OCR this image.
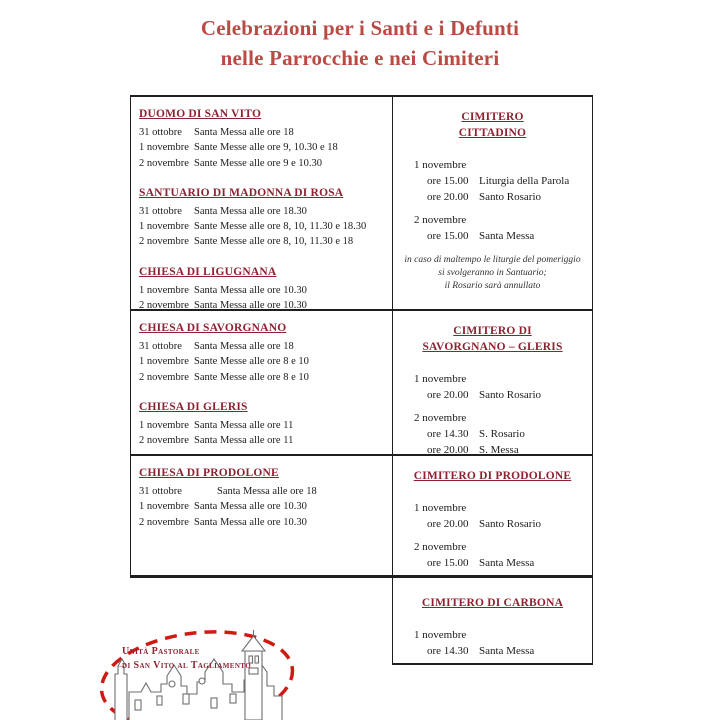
Celebrazioni per i Santi e i Defunti
nelle Parrocchie e nei Cimiteri
DUOMO DI SAN VITO
31 ottobre	Santa Messa alle ore 18
1 novembre Sante Messe alle ore 9, 10.30 e 18
2 novembre Sante Messe alle ore 9 e 10.30
SANTUARIO DI MADONNA DI ROSA
31 ottobre	Santa Messa alle ore 18.30
1 novembre Sante Messe alle ore 8, 10, 11.30 e 18.30
2 novembre Sante Messe alle ore 8, 10, 11.30 e 18
CHIESA DI LIGUGNANA
1 novembre Santa Messa alle ore 10.30
2 novembre Santa Messa alle ore 10.30
CHIESA DI SAVORGNANO
31 ottobre	Santa Messa alle ore 18
1 novembre Sante Messe alle ore 8 e 10
2 novembre Sante Messe alle ore 8 e 10
CHIESA DI GLERIS
1 novembre Santa Messa alle ore 11
2 novembre Santa Messa alle ore 11
CHIESA DI PRODOLONE
31 ottobre	Santa Messa alle ore 18
1 novembre Santa Messa alle ore 10.30
2 novembre Santa Messa alle ore 10.30
CIMITERO
CITTADINO
1 novembre
ore 15.00 Liturgia della Parola
ore 20.00 Santo Rosario
2 novembre
ore 15.00 Santa Messa
in caso di maltempo le liturgie del pomeriggio
si svolgeranno in Santuario;
il Rosario sarà annullato
CIMITERO DI
SAVORGNANO – GLERIS
1 novembre
ore 20.00 Santo Rosario
2 novembre
ore 14.30 S. Rosario
ore 20.00 S. Messa
CIMITERO DI PRODOLONE
1 novembre
ore 20.00 Santo Rosario
2 novembre
ore 15.00 Santa Messa
CIMITERO DI CARBONA
1 novembre
ore 14.30 Santa Messa
Unità Pastorale
di San Vito al Tagliamento
